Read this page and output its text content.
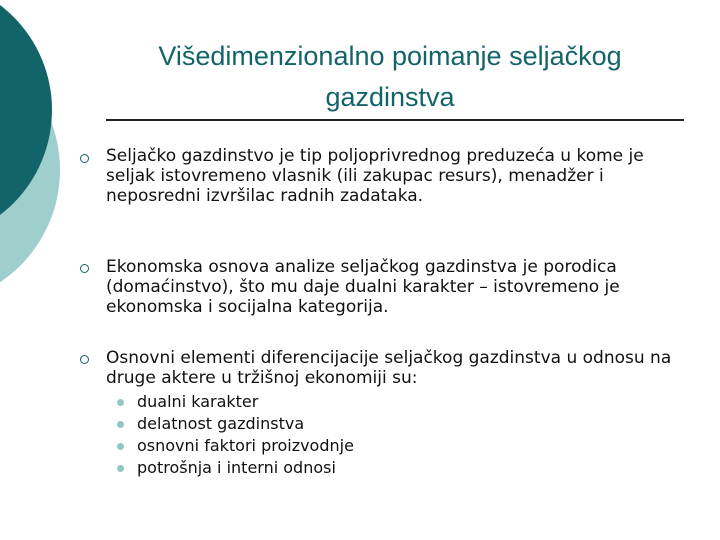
Višedimenzionalno poimanje seljačkog
gazdinstva

Seljačko gazdinstvo je tip poljoprivrednog preduzeća u kome je seljak istovremeno vlasnik (ili zakupac resurs), menadžer i neposredni izvršilac radnih zadataka.

Ekonomska osnova analize seljačkog gazdinstva je porodica (domaćinstvo), što mu daje dualni karakter – istovremeno je ekonomska i socijalna kategorija.

Osnovni elementi diferencijacije seljačkog gazdinstva u odnosu na druge aktere u tržišnoj ekonomiji su:

dualni karakter
delatnost gazdinstva
osnovni faktori proizvodnje
potrošnja i interni odnosi
